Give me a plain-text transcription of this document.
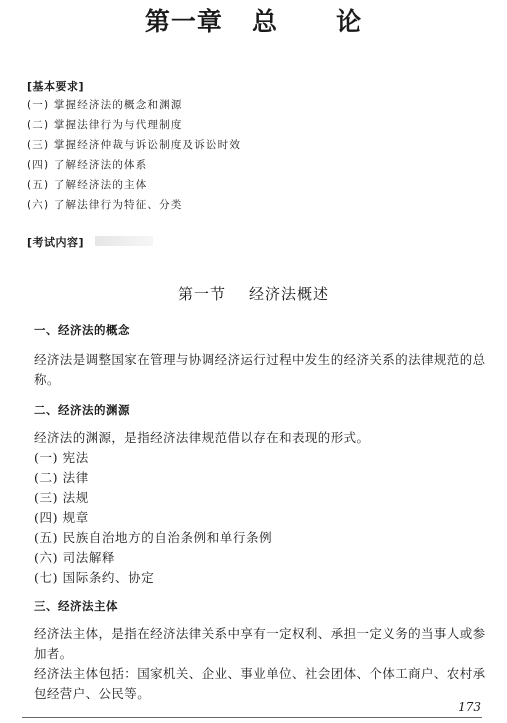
第一章   总      论
[基本要求]
(一) 掌握经济法的概念和渊源
(二) 掌握法律行为与代理制度
(三) 掌握经济仲裁与诉讼制度及诉讼时效
(四) 了解经济法的体系
(五) 了解经济法的主体
(六) 了解法律行为特征、分类
[考试内容]
第一节    经济法概述
一、经济法的概念
经济法是调整国家在管理与协调经济运行过程中发生的经济关系的法律规范的总称。
二、经济法的渊源
经济法的渊源，是指经济法律规范借以存在和表现的形式。
(一) 宪法
(二) 法律
(三) 法规
(四) 规章
(五) 民族自治地方的自治条例和单行条例
(六) 司法解释
(七) 国际条约、协定
三、经济法主体
经济法主体，是指在经济法律关系中享有一定权利、承担一定义务的当事人或参加者。
经济法主体包括：国家机关、企业、事业单位、社会团体、个体工商户、农村承包经营户、公民等。
173
